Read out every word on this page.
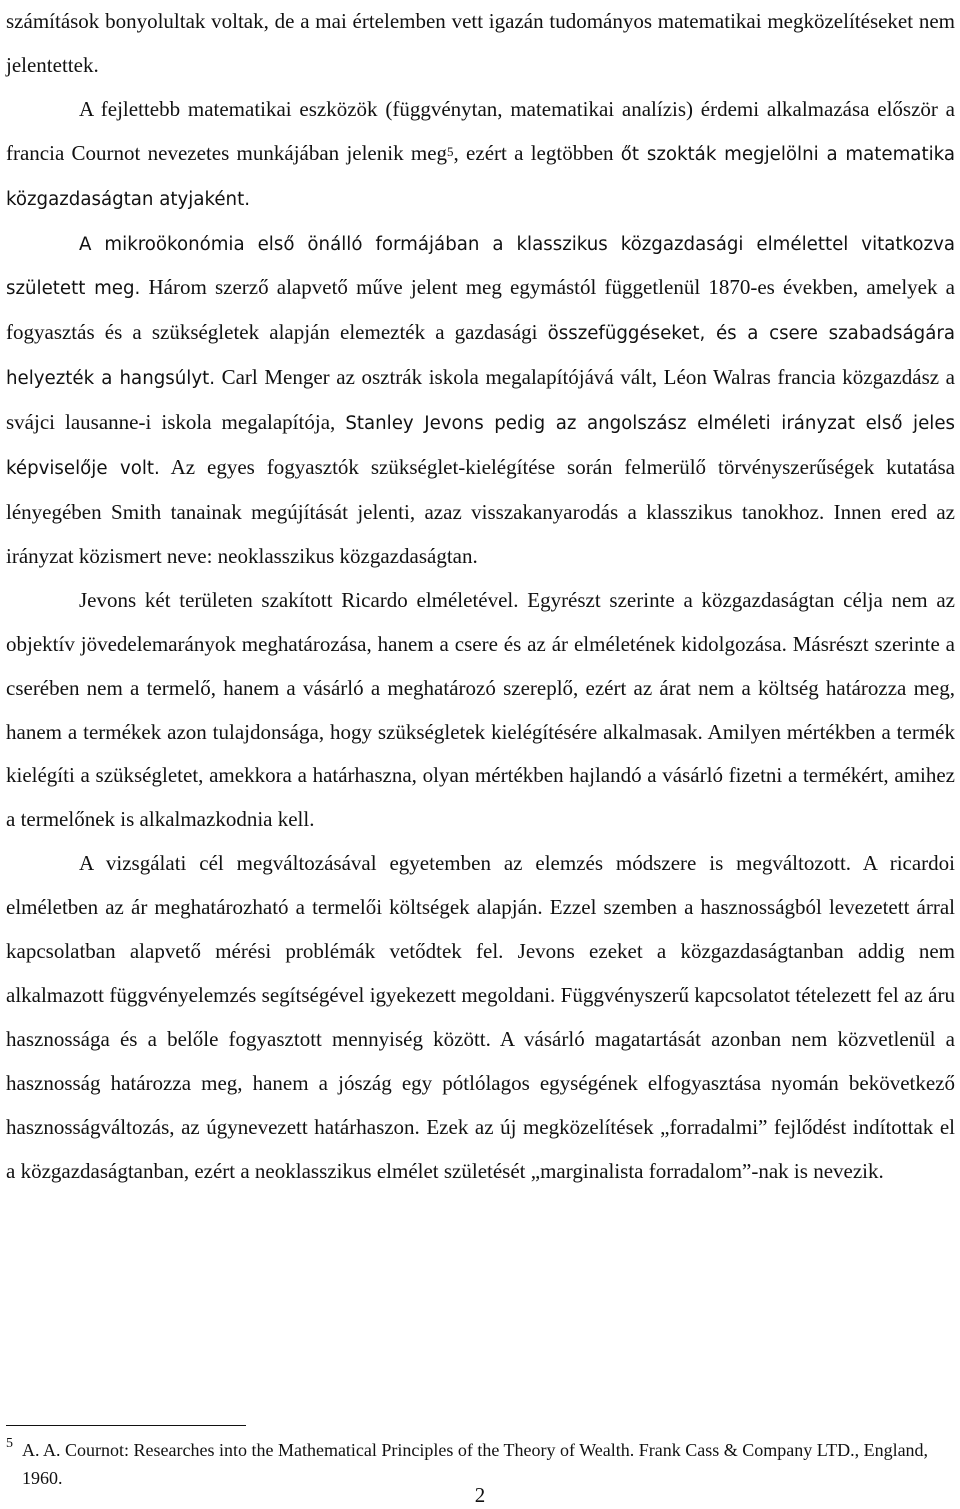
számítások bonyolultak voltak, de a mai értelemben vett igazán tudományos matematikai megközelítéseket nem jelentettek.

A fejlettebb matematikai eszközök (függvénytan, matematikai analízis) érdemi alkalmazása először a francia Cournot nevezetes munkájában jelenik meg$^5$, ezért a legtöbben őt szokták megjelölni a matematika közgazdaságtan atyjaként.

A mikroökonómia első önálló formájában a klasszikus közgazdasági elmélettel vitatkozva született meg. Három szerző alapvető műve jelent meg egymástól függetlenül 1870-es években, amelyek a fogyasztás és a szükségletek alapján elemezték a gazdasági összefüggéseket, és a csere szabadságára helyezték a hangsúlyt. Carl Menger az osztrák iskola megalapítójává vált, Léon Walras francia közgazdász a svájci lausanne-i iskola megalapítója, Stanley Jevons pedig az angolszász elméleti irányzat első jeles képviselője volt. Az egyes fogyasztók szükséglet-kielégítése során felmerülő törvényszerűségek kutatása lényegében Smith tanainak megújítását jelenti, azaz visszakanyarodás a klasszikus tanokhoz. Innen ered az irányzat közismert neve: neoklasszikus közgazdaságtan.

Jevons két területen szakított Ricardo elméletével. Egyrészt szerinte a közgazdaságtan célja nem az objektív jövedelemarányok meghatározása, hanem a csere és az ár elméletének kidolgozása. Másrészt szerinte a cserében nem a termelő, hanem a vásárló a meghatározó szereplő, ezért az árat nem a költség határozza meg, hanem a termékek azon tulajdonsága, hogy szükségletek kielégítésére alkalmasak. Amilyen mértékben a termék kielégíti a szükségletet, amekkora a határhaszna, olyan mértékben hajlandó a vásárló fizetni a termékért, amihez a termelőnek is alkalmazkodnia kell.

A vizsgálati cél megváltozásával egyetemben az elemzés módszere is megváltozott. A ricardoi elméletben az ár meghatározható a termelői költségek alapján. Ezzel szemben a hasznosságból levezetett árral kapcsolatban alapvető mérési problémák vetődtek fel. Jevons ezeket a közgazdaságtanban addig nem alkalmazott függvényelemzés segítségével igyekezett megoldani. Függvényszerű kapcsolatot tételezett fel az áru hasznossága és a belőle fogyasztott mennyiség között. A vásárló magatartását azonban nem közvetlenül a hasznosság határozza meg, hanem a jószág egy pótlólagos egységének elfogyasztása nyomán bekövetkező hasznosságváltozás, az úgynevezett határhaszon. Ezek az új megközelítések „forradalmi” fejlődést indítottak el a közgazdaságtanban, ezért a neoklasszikus elmélet születését „marginalista forradalom”-nak is nevezik.

5 A. A. Cournot: Researches into the Mathematical Principles of the Theory of Wealth. Frank Cass & Company LTD., England, 1960.
2
